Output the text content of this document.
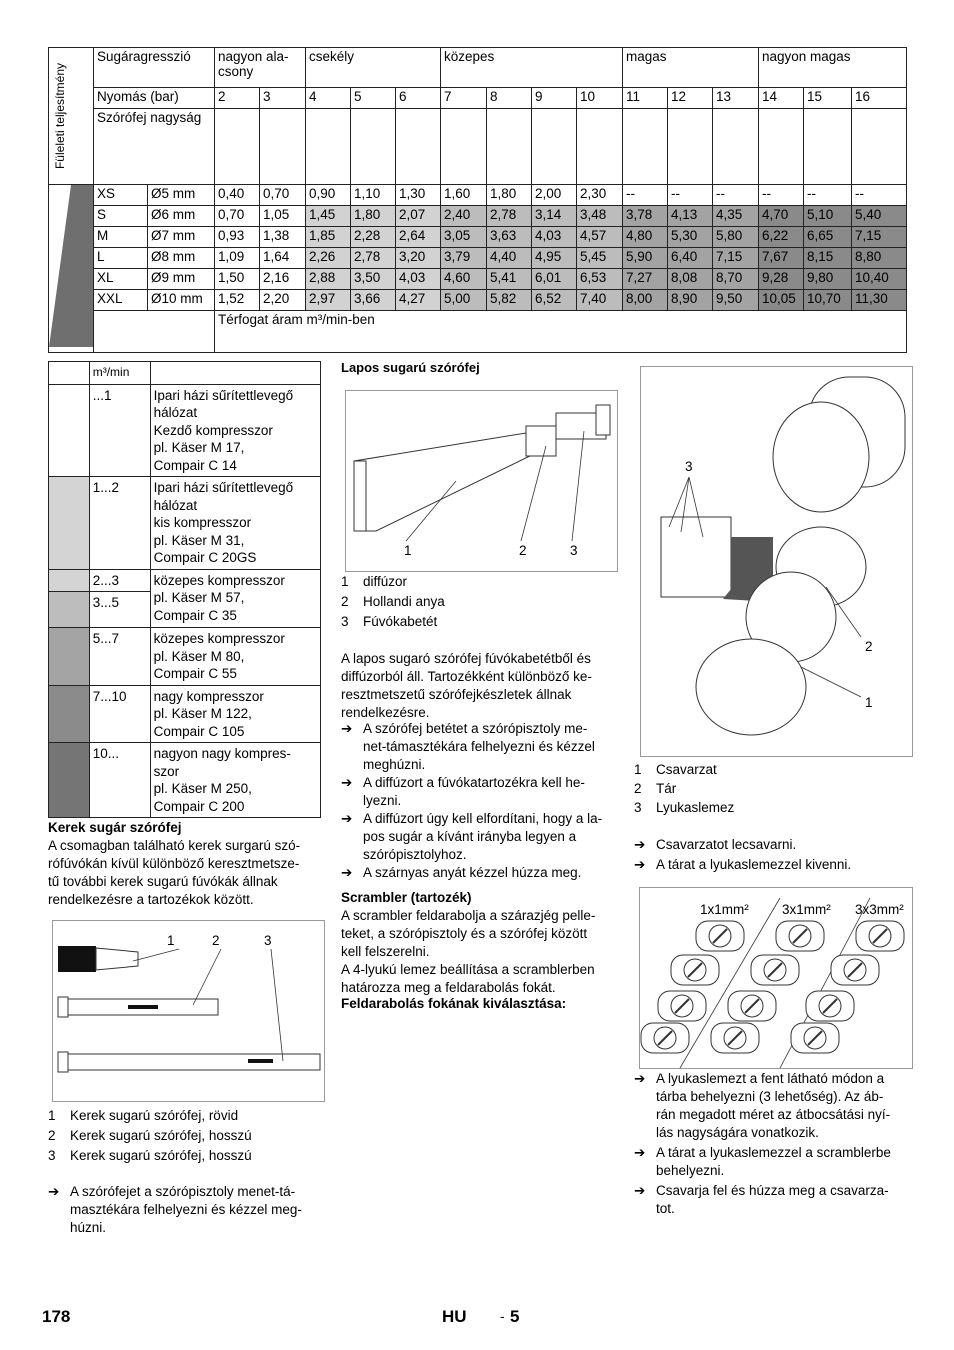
	Sugáragresszió		nagyon ala-
csony		csekély			közepes				magas			nagyon magas		
	Nyomás (bar)		2	3	4	5	6	7	8	9	10	11	12	13	14	15	16
	Szórófej nagyság																
	XS	Ø5 mm	0,40	0,70	0,90	1,10	1,30	1,60	1,80	2,00	2,30	--	--	--	--	--	--
	S	Ø6 mm	0,70	1,05	1,45	1,80	2,07	2,40	2,78	3,14	3,48	3,78	4,13	4,35	4,70	5,10	5,40
	M	Ø7 mm	0,93	1,38	1,85	2,28	2,64	3,05	3,63	4,03	4,57	4,80	5,30	5,80	6,22	6,65	7,15
	L	Ø8 mm	1,09	1,64	2,26	2,78	3,20	3,79	4,40	4,95	5,45	5,90	6,40	7,15	7,67	8,15	8,80
	XL	Ø9 mm	1,50	2,16	2,88	3,50	4,03	4,60	5,41	6,01	6,53	7,27	8,08	8,70	9,28	9,80	10,40
	XXL	Ø10 mm	1,52	2,20	2,97	3,66	4,27	5,00	5,82	6,52	7,40	8,00	8,90	9,50	10,05	10,70	11,30
			Térfogat áram m³/min-ben														
Füleleti teljesítmény
	m³/min	
	...1	Ipari házi sűrítettlevegő
hálózat
Kezdő kompresszor
pl. Käser M 17,
Compair C 14
	1...2	Ipari házi sűrítettlevegő
hálózat
kis kompresszor
pl. Käser M 31,
Compair C 20GS
	2...3	közepes kompresszor
pl. Käser M 57,
Compair C 35
	3...5	
	5...7	közepes kompresszor
pl. Käser M 80,
Compair C 55
	7...10	nagy kompresszor
pl. Käser M 122,
Compair C 105
	10...	nagyon nagy kompres-
szor
pl. Käser M 250,
Compair C 200
Kerek sugár szórófej
A csomagban található kerek surgarú szó-
rófúvókán kívül különböző keresztmetsze-
tű további kerek sugarú fúvókák állnak
rendelkezésre a tartozékok között.
1	2	3
1	Kerek sugarú szórófej, rövid
2	Kerek sugarú szórófej, hosszú
3	Kerek sugarú szórófej, hosszú
➔ A szórófejet a szórópisztoly menet-tá-
masztékára felhelyezni és kézzel meg-
húzni.
Lapos sugarú szórófej
1	2	3
1	diffúzor
2	Hollandi anya
3	Fúvókabetét
A lapos sugaró szórófej fúvókabetétből és
diffúzorból áll. Tartozékként különböző ke-
resztmetszetű szórófejkészletek állnak
rendelkezésre.
➔ A szórófej betétet a szórópisztoly me-
net-támasztékára felhelyezni és kézzel
meghúzni.
➔ A diffúzort a fúvókatartozékra kell he-
lyezni.
➔ A diffúzort úgy kell elfordítani, hogy a la-
pos sugár a kívánt irányba legyen a
szórópisztolyhoz.
➔ A szárnyas anyát kézzel húzza meg.
Scrambler (tartozék)
A scrambler feldarabolja a szárazjég pelle-
teket, a szórópisztoly és a szórófej között
kell felszerelni.
A 4-lyukú lemez beállítása a scramblerben
határozza meg a feldarabolás fokát.
Feldarabolás fokának kiválasztása:
3
2
1
1	Csavarzat
2	Tár
3	Lyukaslemez
➔ Csavarzatot lecsavarni.
➔ A tárat a lyukaslemezzel kivenni.
1x1mm² 3x1mm² 3x3mm²
➔ A lyukaslemezt a fent látható módon a
tárba behelyezni (3 lehetőség). Az áb-
rán megadott méret az átbocsátási nyí-
lás nagyságára vonatkozik.
➔ A tárat a lyukaslemezzel a scramblerbe
behelyezni.
➔ Csavarja fel és húzza meg a csavarza-
tot.
178	HU - 5
